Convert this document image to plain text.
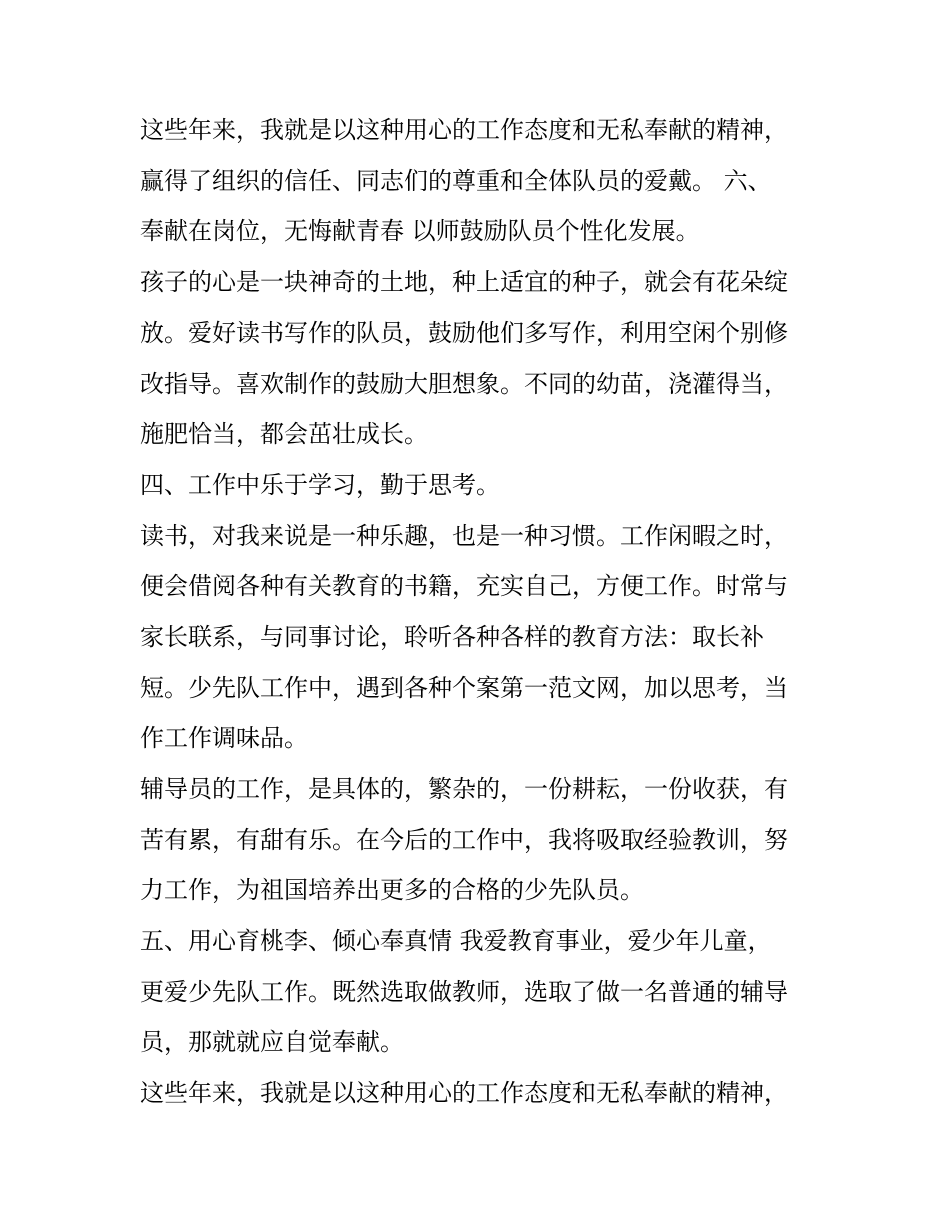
这些年来，我就是以这种用心的工作态度和无私奉献的精神，
赢得了组织的信任、同志们的尊重和全体队员的爱戴。 六、
奉献在岗位，无悔献青春 以师鼓励队员个性化发展。
孩子的心是一块神奇的土地，种上适宜的种子，就会有花朵绽
放。爱好读书写作的队员，鼓励他们多写作，利用空闲个别修
改指导。喜欢制作的鼓励大胆想象。不同的幼苗，浇灌得当，
施肥恰当，都会茁壮成长。
四、工作中乐于学习，勤于思考。
读书，对我来说是一种乐趣，也是一种习惯。工作闲暇之时，
便会借阅各种有关教育的书籍，充实自己，方便工作。时常与
家长联系，与同事讨论，聆听各种各样的教育方法：取长补
短。少先队工作中，遇到各种个案第一范文网，加以思考，当
作工作调味品。
辅导员的工作，是具体的，繁杂的，一份耕耘，一份收获，有
苦有累，有甜有乐。在今后的工作中，我将吸取经验教训，努
力工作，为祖国培养出更多的合格的少先队员。
五、用心育桃李、倾心奉真情 我爱教育事业，爱少年儿童，
更爱少先队工作。既然选取做教师，选取了做一名普通的辅导
员，那就就应自觉奉献。
这些年来，我就是以这种用心的工作态度和无私奉献的精神，
